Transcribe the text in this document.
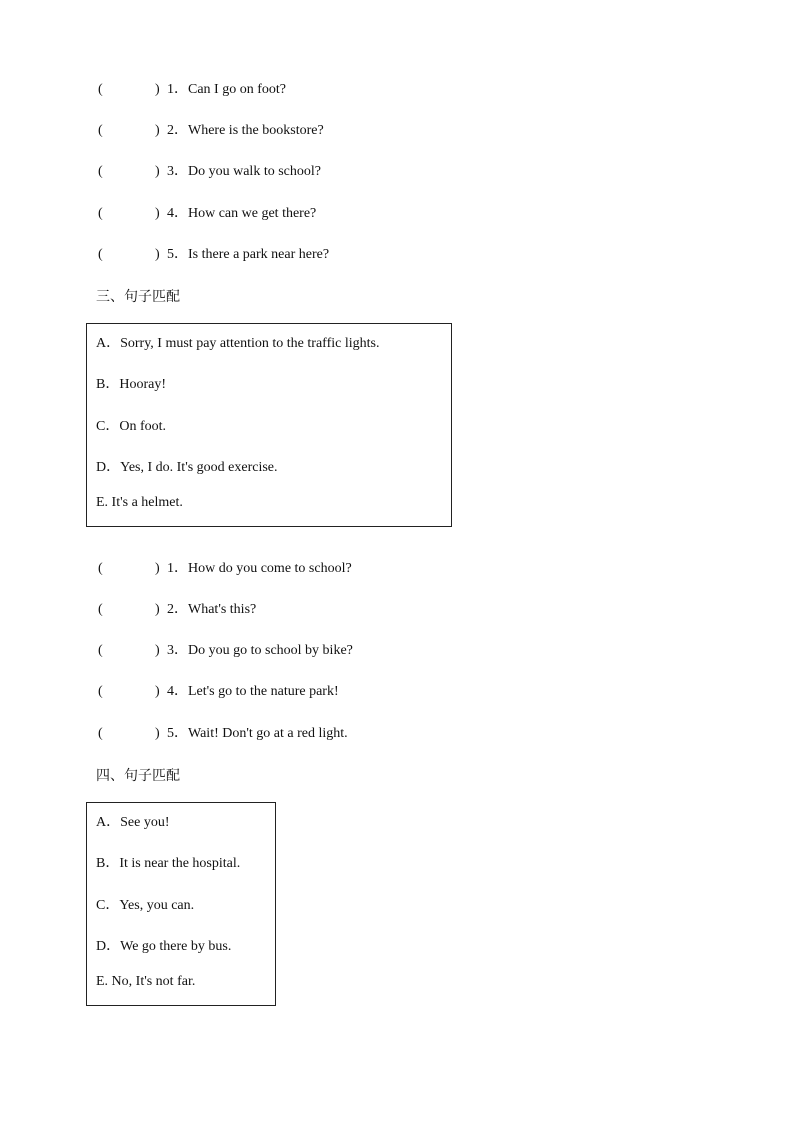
(	) 1．Can I go on foot?
(	) 2．Where is the bookstore?
(	) 3．Do you walk to school?
(	) 4．How can we get there?
(	) 5．Is there a park near here?
三、句子匹配
A．Sorry, I must pay attention to the traffic lights.
B．Hooray!
C．On foot.
D．Yes, I do. It's good exercise.
E. It's a helmet.
(	) 1．How do you come to school?
(	) 2．What's this?
(	) 3．Do you go to school by bike?
(	) 4．Let's go to the nature park!
(	) 5．Wait! Don't go at a red light.
四、句子匹配
A．See you!
B．It is near the hospital.
C．Yes, you can.
D．We go there by bus.
E. No, It's not far.
